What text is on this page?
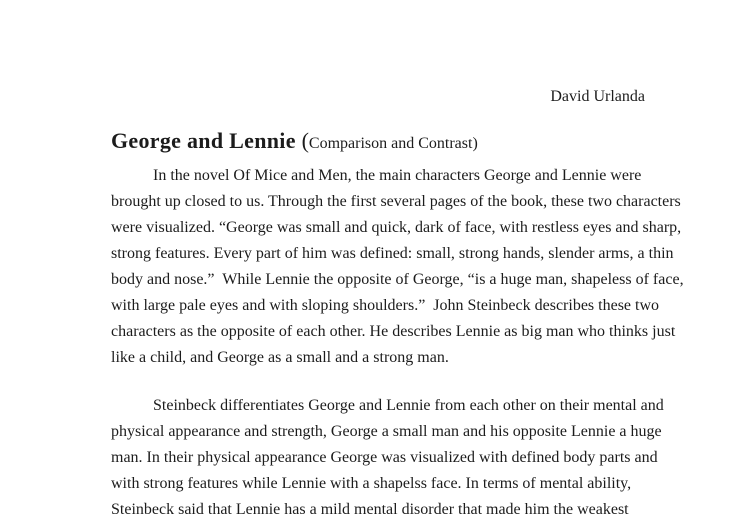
David Urlanda
George and Lennie (Comparison and Contrast)
In the novel Of Mice and Men, the main characters George and Lennie were
brought up closed to us. Through the first several pages of the book, these two characters
were visualized. “George was small and quick, dark of face, with restless eyes and sharp,
strong features. Every part of him was defined: small, strong hands, slender arms, a thin
body and nose.”  While Lennie the opposite of George, “is a huge man, shapeless of face,
with large pale eyes and with sloping shoulders.”  John Steinbeck describes these two
characters as the opposite of each other. He describes Lennie as big man who thinks just
like a child, and George as a small and a strong man.
Steinbeck differentiates George and Lennie from each other on their mental and
physical appearance and strength, George a small man and his opposite Lennie a huge
man. In their physical appearance George was visualized with defined body parts and
with strong features while Lennie with a shapelss face. In terms of mental ability,
Steinbeck said that Lennie has a mild mental disorder that made him the weakest
